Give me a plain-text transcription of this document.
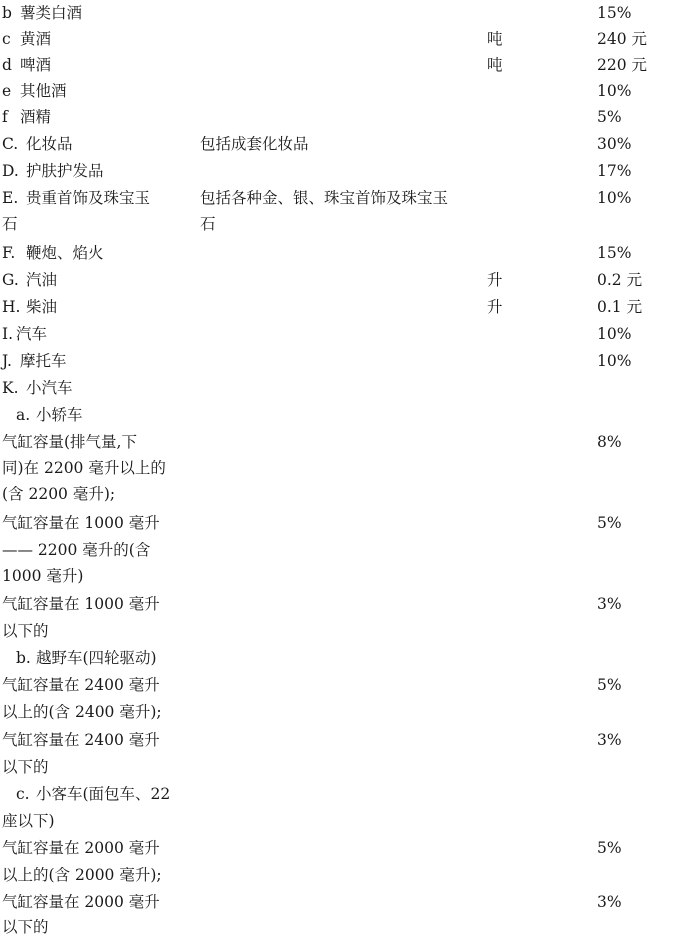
b 薯类白酒	15%
c 黄酒	吨	240 元
d 啤酒	吨	220 元
e 其他酒	10%
f 酒精	5%
C. 化妆品	包括成套化妆品	30%
D. 护肤护发品	17%
E. 贵重首饰及珠宝玉	包括各种金、银、珠宝首饰及珠宝玉	10%
石	石
F. 鞭炮、焰火	15%
G. 汽油	升	0.2 元
H. 柴油	升	0.1 元
I. 汽车	10%
J. 摩托车	10%
K. 小汽车
a. 小轿车
气缸容量(排气量,下	8%
同)在 2200 毫升以上的
(含 2200 毫升);
气缸容量在 1000 毫升	5%
—— 2200 毫升的(含
1000 毫升)
气缸容量在 1000 毫升	3%
以下的
b. 越野车(四轮驱动)
气缸容量在 2400 毫升	5%
以上的(含 2400 毫升);
气缸容量在 2400 毫升	3%
以下的
c. 小客车(面包车、22
座以下)
气缸容量在 2000 毫升	5%
以上的(含 2000 毫升);
气缸容量在 2000 毫升	3%
以下的
